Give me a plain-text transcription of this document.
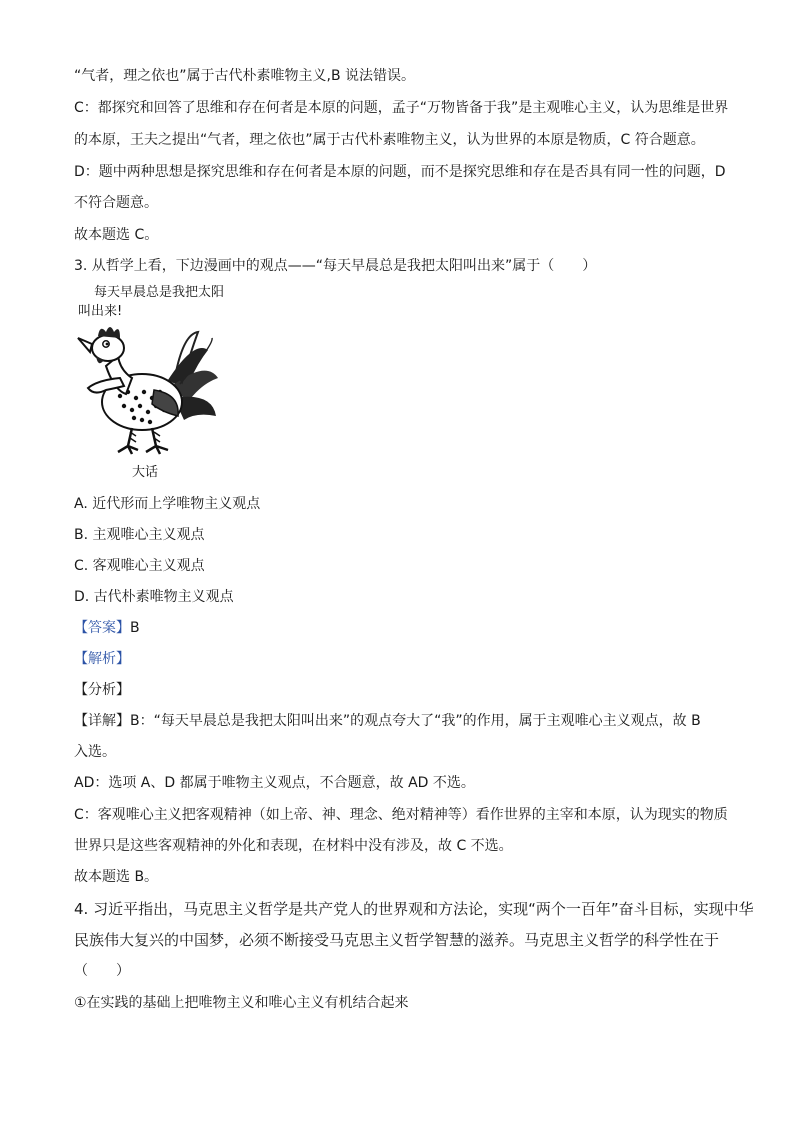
“气者，理之依也”属于古代朴素唯物主义,B 说法错误。
C：都探究和回答了思维和存在何者是本原的问题，孟子“万物皆备于我”是主观唯心主义，认为思维是世界
的本原，王夫之提出“气者，理之依也”属于古代朴素唯物主义，认为世界的本原是物质，C 符合题意。
D：题中两种思想是探究思维和存在何者是本原的问题，而不是探究思维和存在是否具有同一性的问题，D
不符合题意。
故本题选 C。
3. 从哲学上看，下边漫画中的观点——“每天早晨总是我把太阳叫出来”属于（　　）
每天早晨总是我把太阳
叫出来!
大话
A. 近代形而上学唯物主义观点
B. 主观唯心主义观点
C. 客观唯心主义观点
D. 古代朴素唯物主义观点
【答案】B
【解析】
【分析】
【详解】B：“每天早晨总是我把太阳叫出来”的观点夸大了“我”的作用，属于主观唯心主义观点，故 B
入选。
AD：选项 A、D 都属于唯物主义观点，不合题意，故 AD 不选。
C：客观唯心主义把客观精神（如上帝、神、理念、绝对精神等）看作世界的主宰和本原，认为现实的物质
世界只是这些客观精神的外化和表现，在材料中没有涉及，故 C 不选。
故本题选 B。
4. 习近平指出，马克思主义哲学是共产党人的世界观和方法论，实现“两个一百年”奋斗目标，实现中华
民族伟大复兴的中国梦，必须不断接受马克思主义哲学智慧的滋养。马克思主义哲学的科学性在于
（　　）
①在实践的基础上把唯物主义和唯心主义有机结合起来
